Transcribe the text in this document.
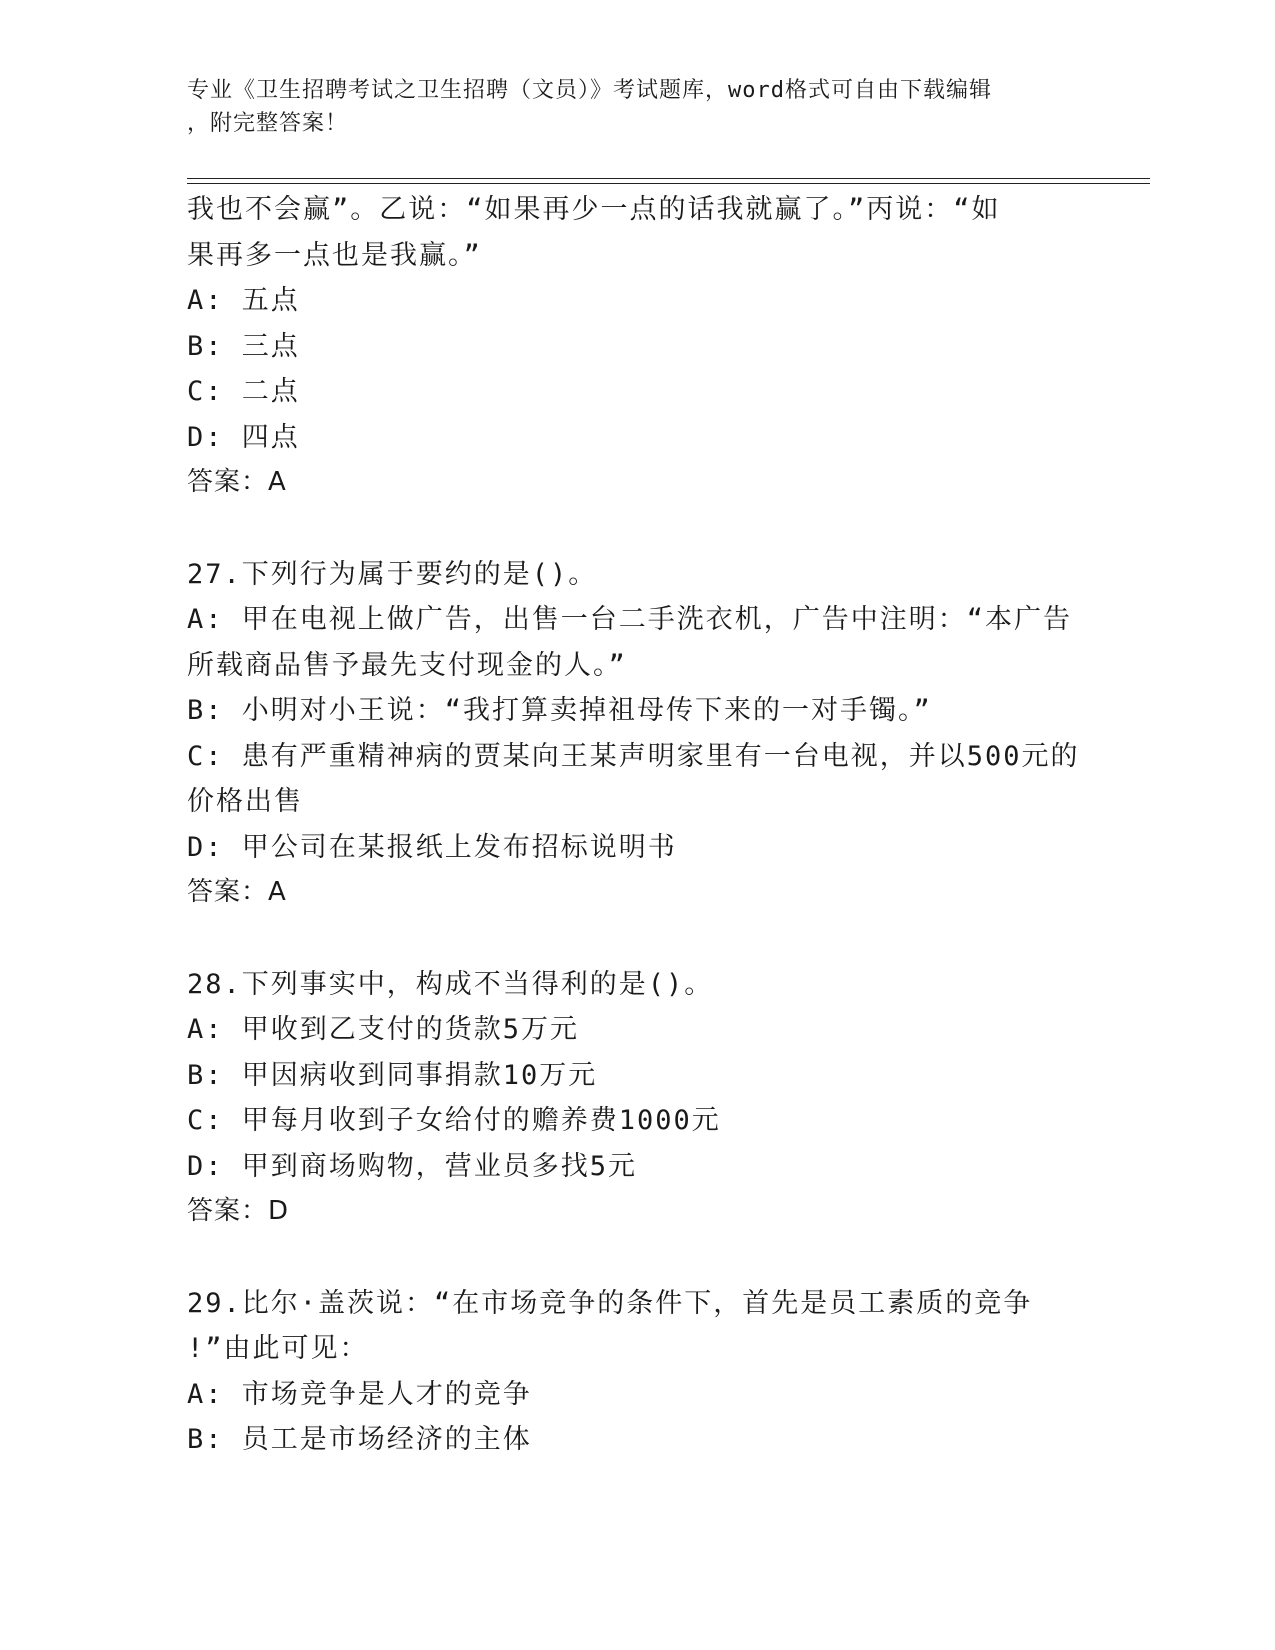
专业《卫生招聘考试之卫生招聘（文员）》考试题库，word格式可自由下载编辑
，附完整答案！
我也不会赢”。乙说：“如果再少一点的话我就赢了。”丙说：“如
果再多一点也是我赢。”
A: 五点
B: 三点
C: 二点
D: 四点
答案：A
27.下列行为属于要约的是()。
A: 甲在电视上做广告，出售一台二手洗衣机，广告中注明：“本广告
所载商品售予最先支付现金的人。”
B: 小明对小王说：“我打算卖掉祖母传下来的一对手镯。”
C: 患有严重精神病的贾某向王某声明家里有一台电视，并以500元的
价格出售
D: 甲公司在某报纸上发布招标说明书
答案：A
28.下列事实中，构成不当得利的是()。
A: 甲收到乙支付的货款5万元
B: 甲因病收到同事捐款10万元
C: 甲每月收到子女给付的赡养费1000元
D: 甲到商场购物，营业员多找5元
答案：D
29.比尔·盖茨说：“在市场竞争的条件下，首先是员工素质的竞争
!”由此可见：
A: 市场竞争是人才的竞争
B: 员工是市场经济的主体
